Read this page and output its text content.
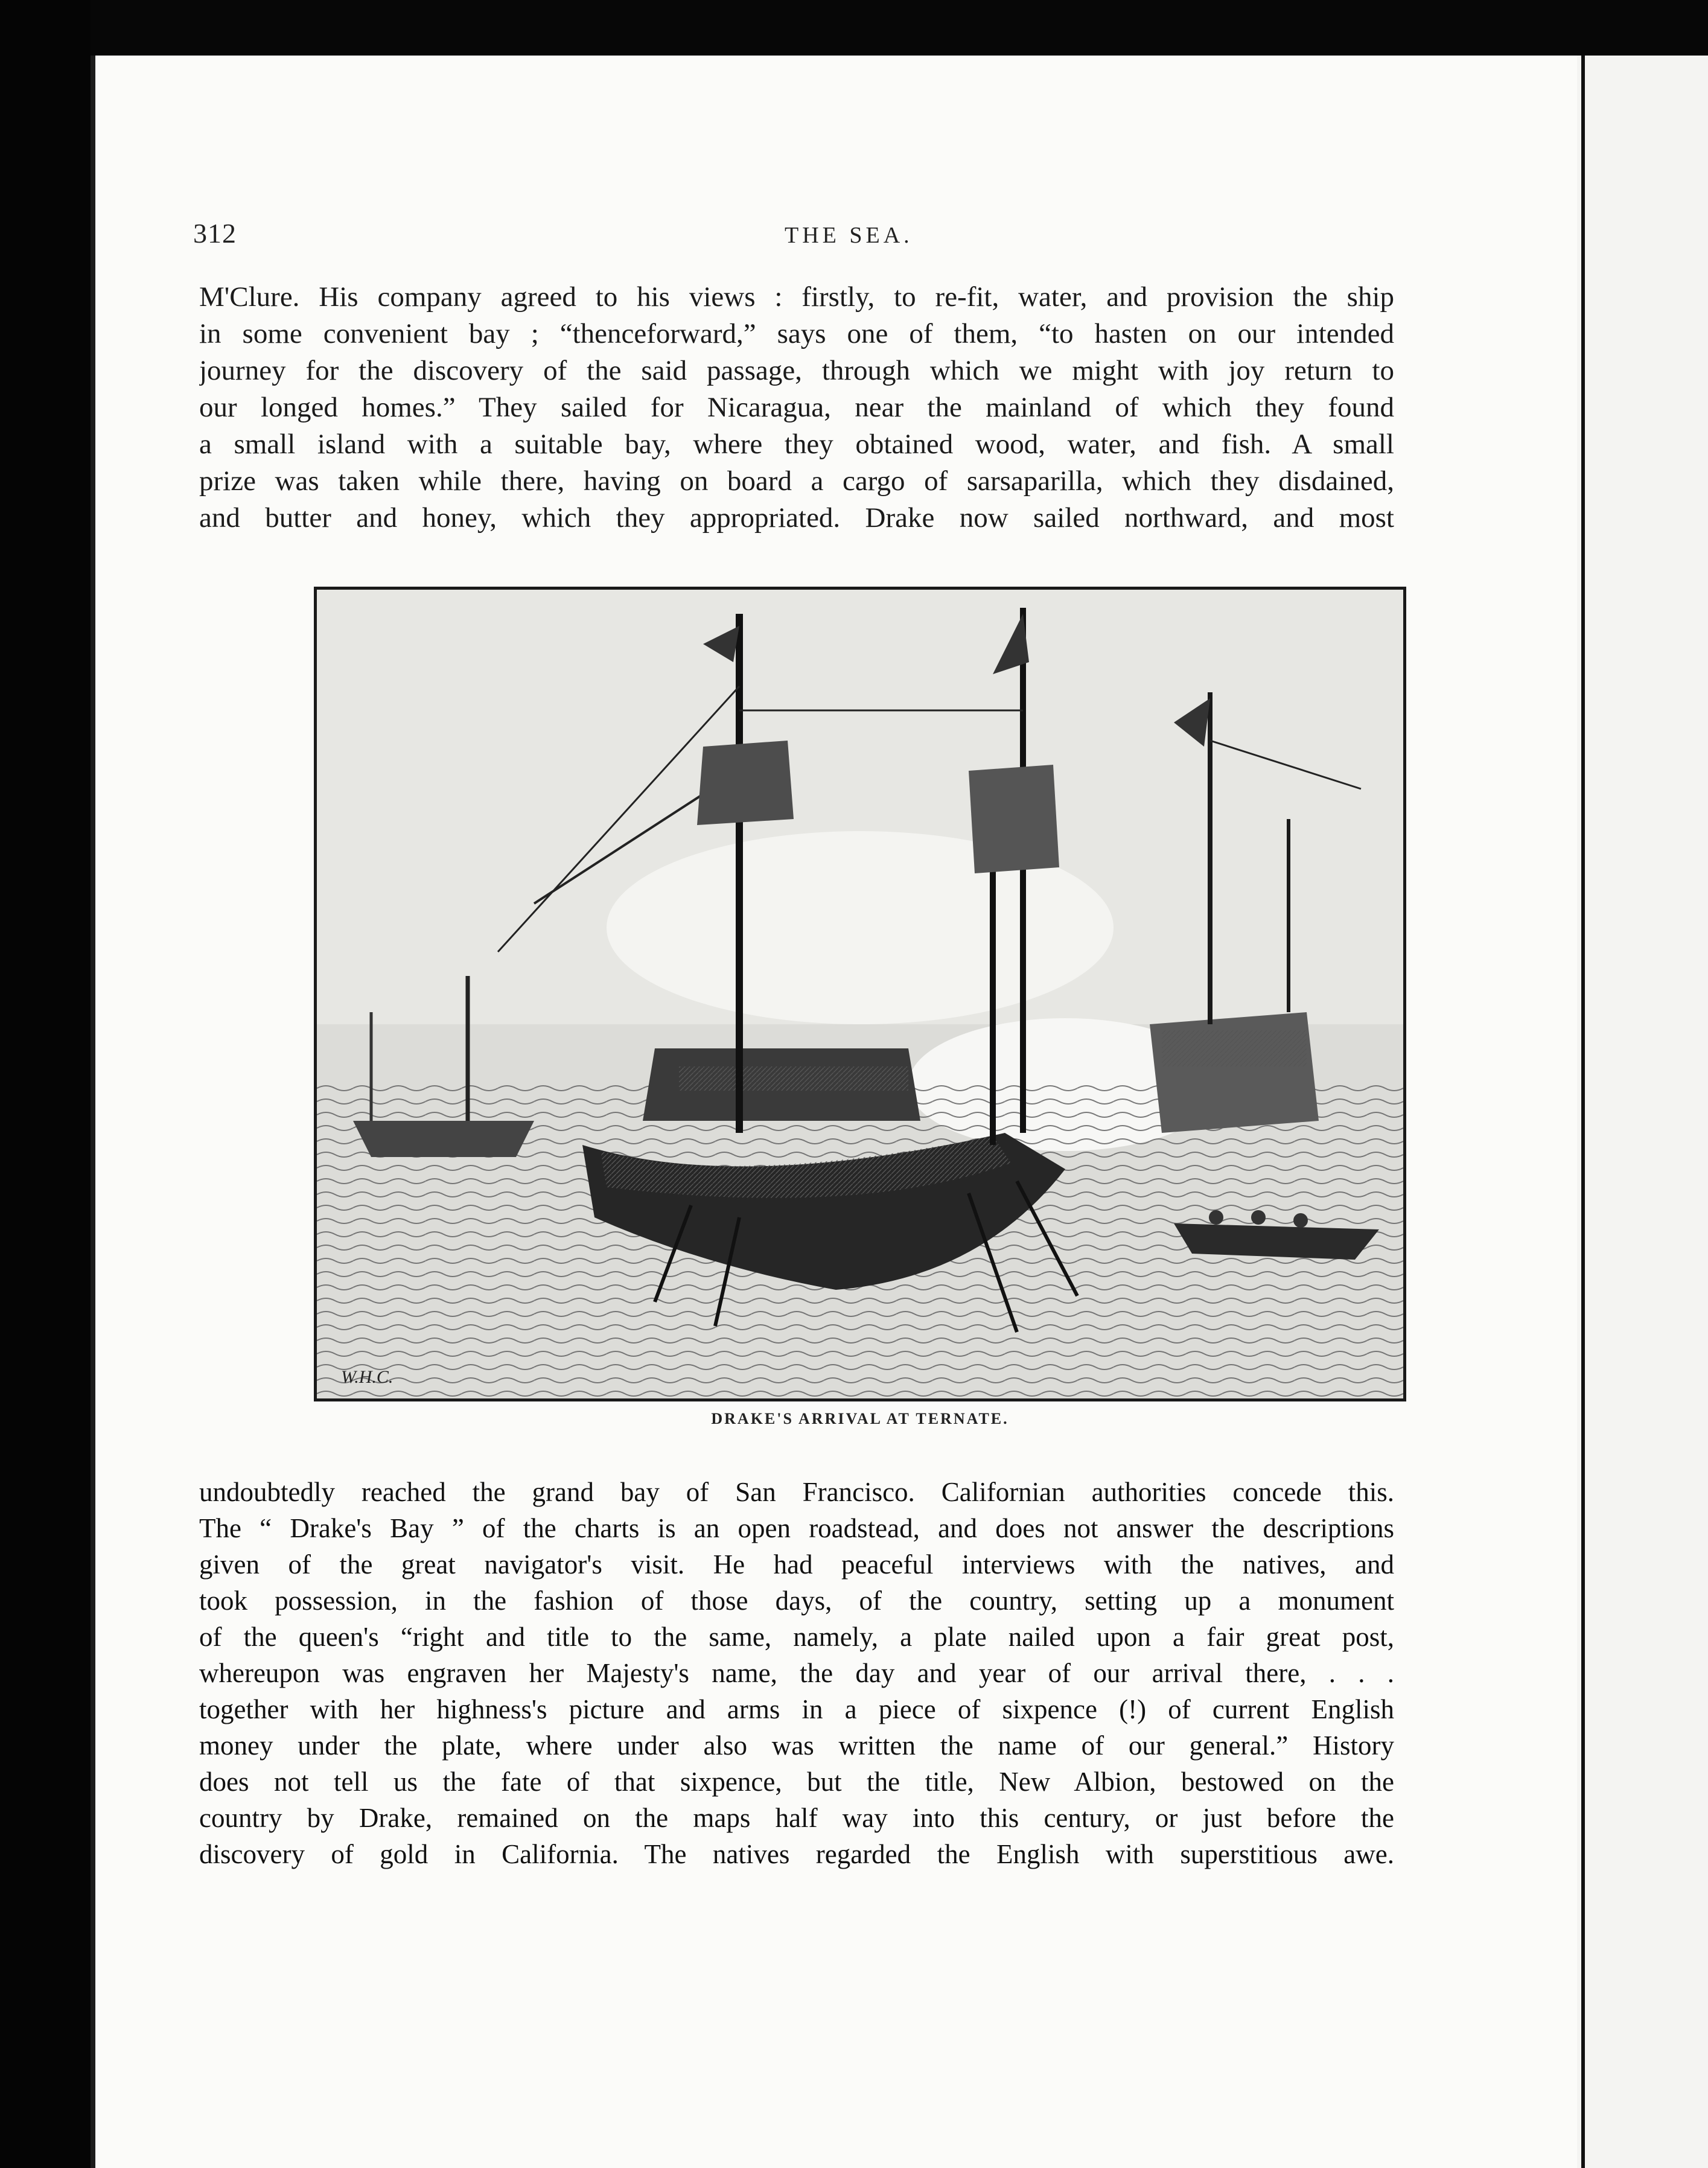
312	THE SEA.
M'Clure. His company agreed to his views : firstly, to re-fit, water, and provision the ship
in some convenient bay ; “thenceforward,” says one of them, “to hasten on our intended
journey for the discovery of the said passage, through which we might with joy return to
our longed homes.” They sailed for Nicaragua, near the mainland of which they found
a small island with a suitable bay, where they obtained wood, water, and fish. A small
prize was taken while there, having on board a cargo of sarsaparilla, which they disdained,
and butter and honey, which they appropriated. Drake now sailed northward, and most
W.H.C.
DRAKE'S ARRIVAL AT TERNATE.
undoubtedly reached the grand bay of San Francisco. Californian authorities concede this.
The “ Drake's Bay ” of the charts is an open roadstead, and does not answer the descriptions
given of the great navigator's visit. He had peaceful interviews with the natives, and
took possession, in the fashion of those days, of the country, setting up a monument
of the queen's “right and title to the same, namely, a plate nailed upon a fair great post,
whereupon was engraven her Majesty's name, the day and year of our arrival there, . . .
together with her highness's picture and arms in a piece of sixpence (!) of current English
money under the plate, where under also was written the name of our general.” History
does not tell us the fate of that sixpence, but the title, New Albion, bestowed on the
country by Drake, remained on the maps half way into this century, or just before the
discovery of gold in California. The natives regarded the English with superstitious awe.
